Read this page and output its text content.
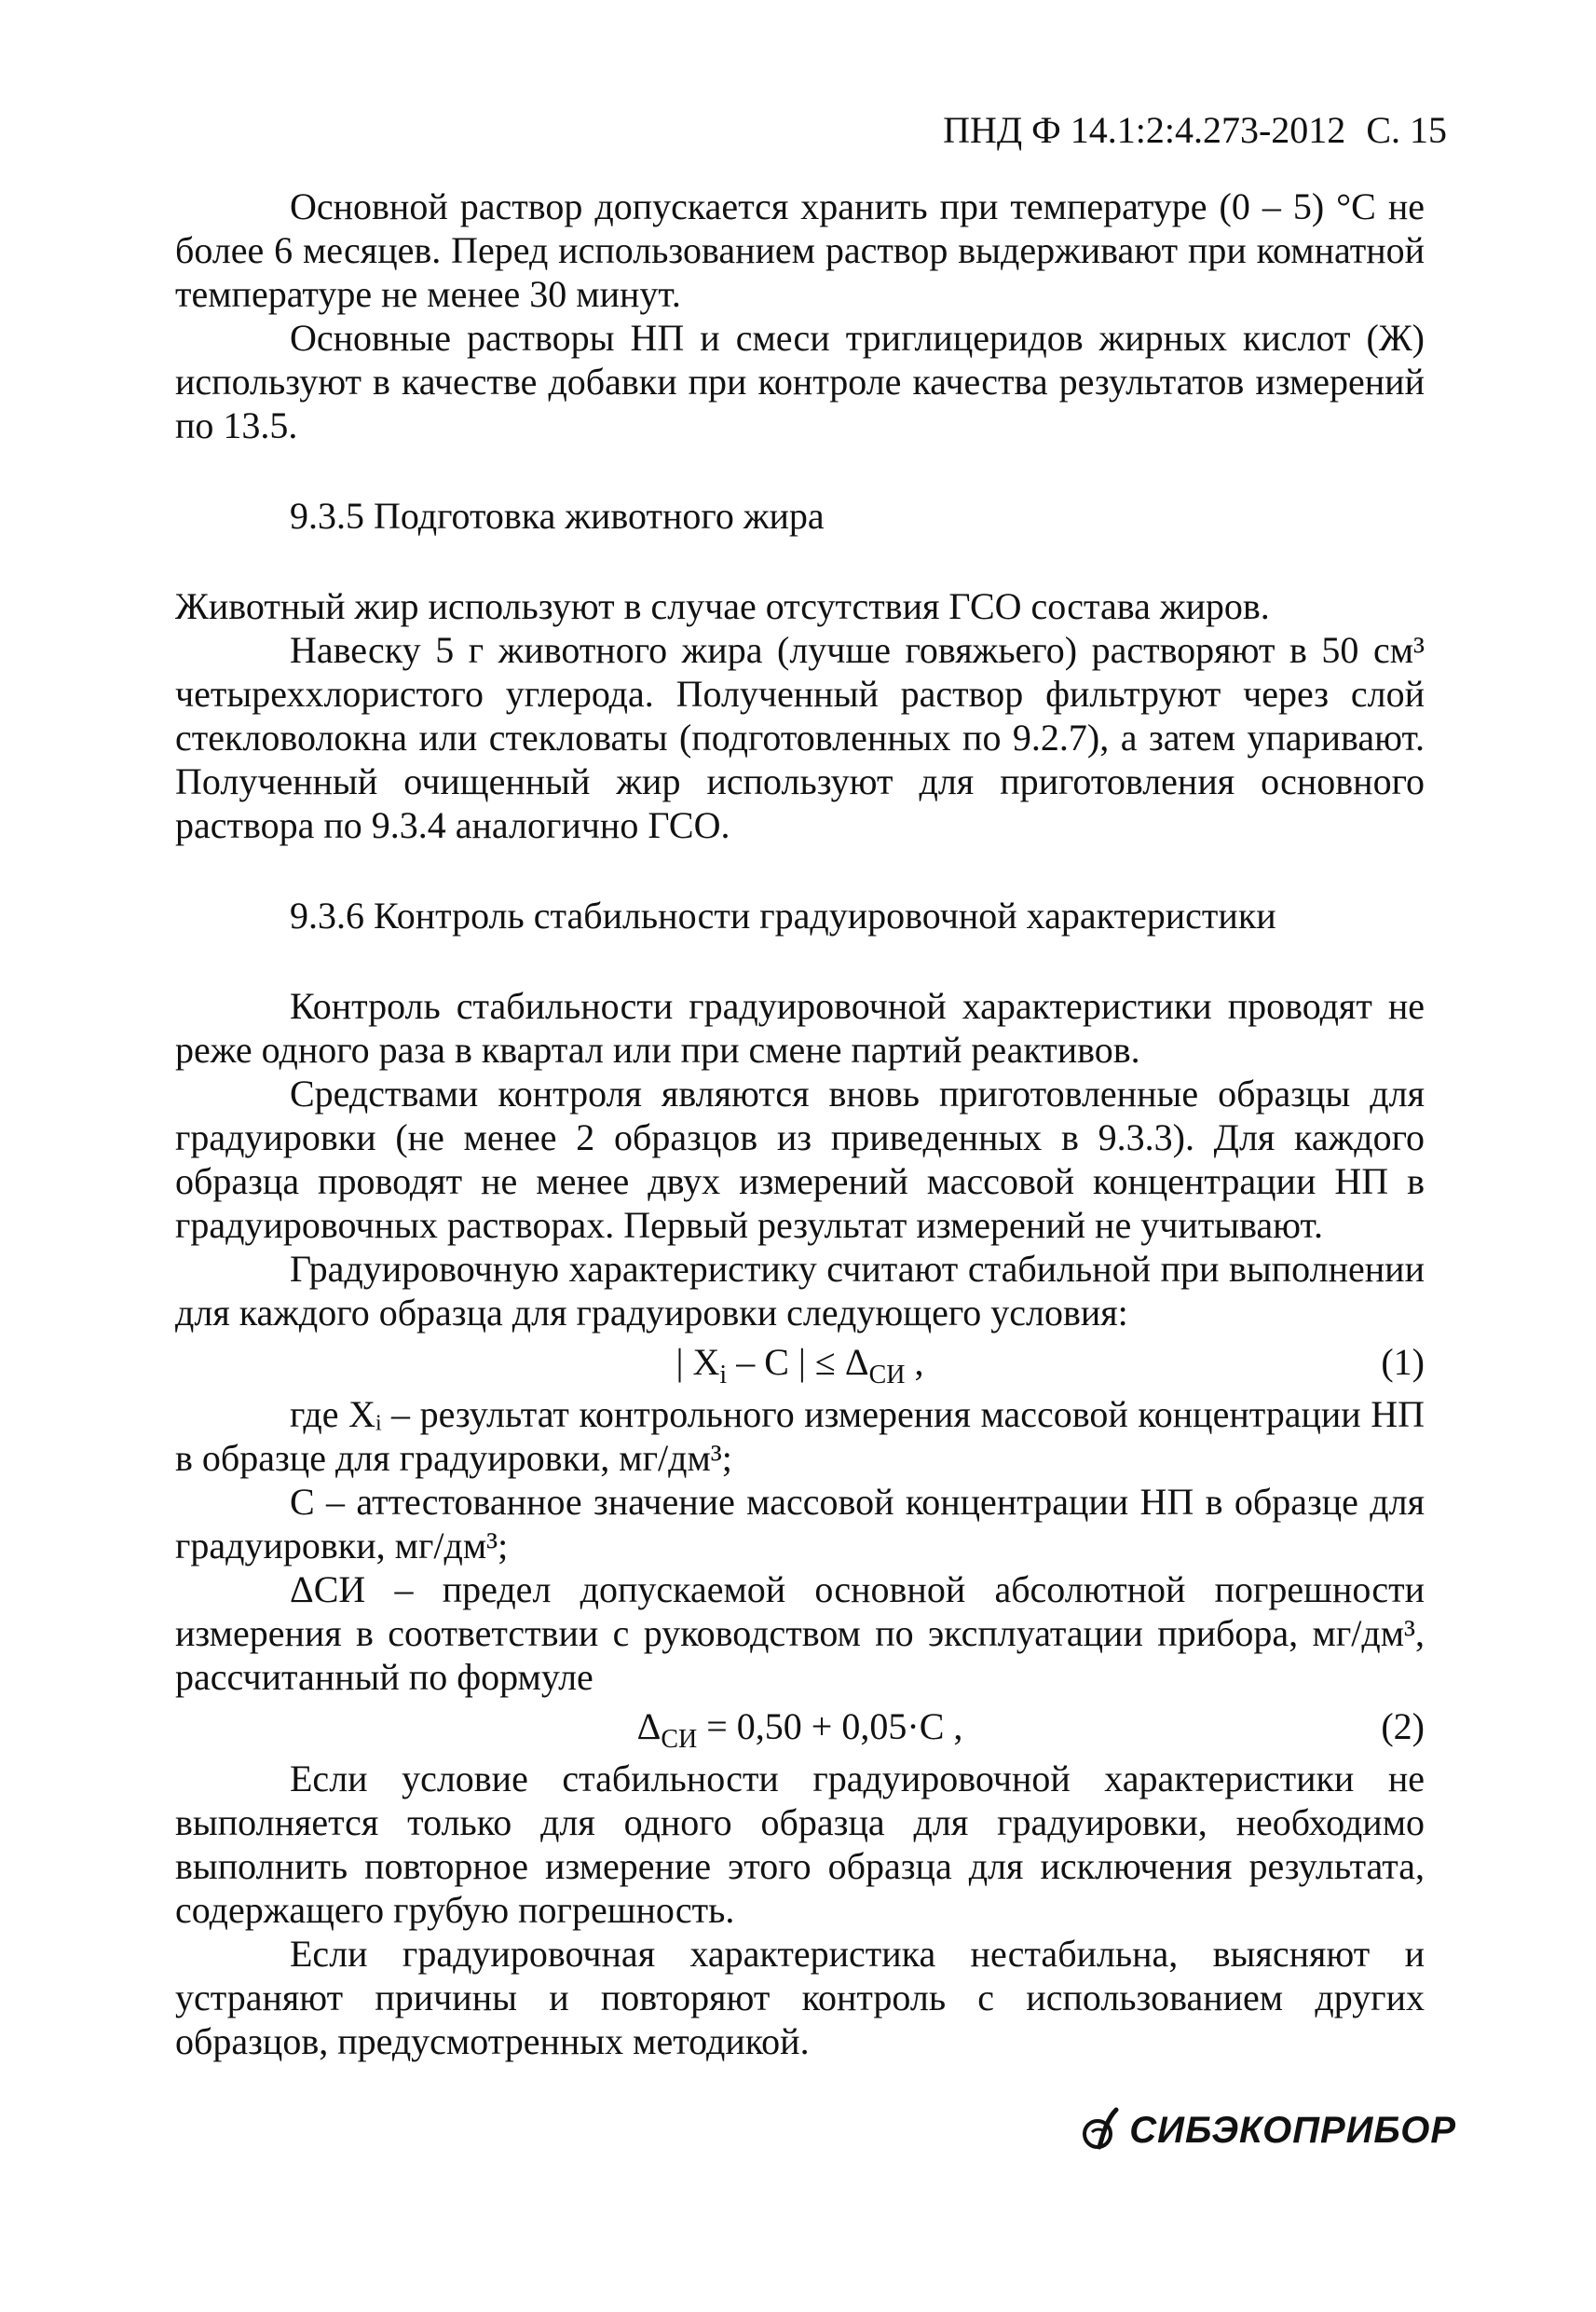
ПНД Ф 14.1:2:4.273-2012 С. 15

Основной раствор допускается хранить при температуре (0 – 5) °С не более 6 месяцев. Перед использованием раствор выдерживают при комнатной температуре не менее 30 минут.

Основные растворы НП и смеси триглицеридов жирных кислот (Ж) используют в качестве добавки при контроле качества результатов измерений по 13.5.

9.3.5 Подготовка животного жира

Животный жир используют в случае отсутствия ГСО состава жиров.

Навеску 5 г животного жира (лучше говяжьего) растворяют в 50 см³ четыреххлористого углерода. Полученный раствор фильтруют через слой стекловолокна или стекловаты (подготовленных по 9.2.7), а затем упаривают. Полученный очищенный жир используют для приготовления основного раствора по 9.3.4 аналогично ГСО.

9.3.6 Контроль стабильности градуировочной характеристики

Контроль стабильности градуировочной характеристики проводят не реже одного раза в квартал или при смене партий реактивов.

Средствами контроля являются вновь приготовленные образцы для градуировки (не менее 2 образцов из приведенных в 9.3.3). Для каждого образца проводят не менее двух измерений массовой концентрации НП в градуировочных растворах. Первый результат измерений не учитывают.

Градуировочную характеристику считают стабильной при выполнении для каждого образца для градуировки следующего условия:

| $X_i$ – C | ≤ $\Delta_{СИ}$ ,	(1)

где Xᵢ – результат контрольного измерения массовой концентрации НП в образце для градуировки, мг/дм³;

С – аттестованное значение массовой концентрации НП в образце для градуировки, мг/дм³;

ΔСИ – предел допускаемой основной абсолютной погрешности измерения в соответствии с руководством по эксплуатации прибора, мг/дм³, рассчитанный по формуле

$\Delta_{СИ} = 0,50 + 0,05\cdot С$ ,	(2)

Если условие стабильности градуировочной характеристики не выполняется только для одного образца для градуировки, необходимо выполнить повторное измерение этого образца для исключения результата, содержащего грубую погрешность.

Если градуировочная характеристика нестабильна, выясняют и устраняют причины и повторяют контроль с использованием других образцов, предусмотренных методикой.

СИБЭКОПРИБОР
